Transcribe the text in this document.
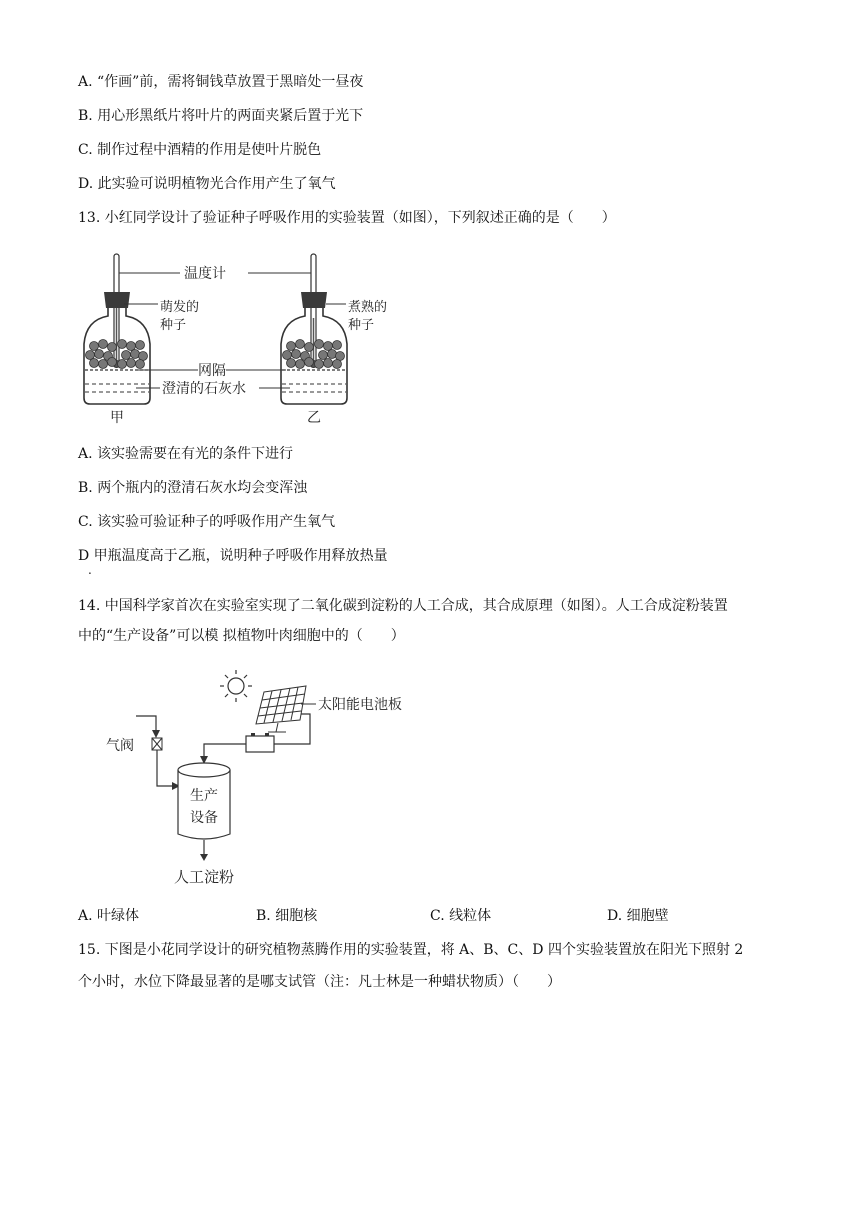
A. “作画”前，需将铜钱草放置于黑暗处一昼夜
B. 用心形黑纸片将叶片的两面夹紧后置于光下
C. 制作过程中酒精的作用是使叶片脱色
D. 此实验可说明植物光合作用产生了氧气
13. 小红同学设计了验证种子呼吸作用的实验装置（如图），下列叙述正确的是（　　）
温度计
萌发的
种子
煮熟的
种子
网隔
澄清的石灰水
甲	乙
A. 该实验需要在有光的条件下进行
B. 两个瓶内的澄清石灰水均会变浑浊
C. 该实验可验证种子的呼吸作用产生氧气
D 甲瓶温度高于乙瓶，说明种子呼吸作用释放热量
.
14. 中国科学家首次在实验室实现了二氧化碳到淀粉的人工合成，其合成原理（如图）。人工合成淀粉装置
中的“生产设备”可以模 拟植物叶肉细胞中的（　　）
太阳能电池板
气阀
生产
设备
人工淀粉
A. 叶绿体	B. 细胞核	C. 线粒体	D. 细胞壁
15. 下图是小花同学设计的研究植物蒸腾作用的实验装置，将 A、B、C、D 四个实验装置放在阳光下照射 2
个小时，水位下降最显著的是哪支试管（注：凡士林是一种蜡状物质）（　　）
